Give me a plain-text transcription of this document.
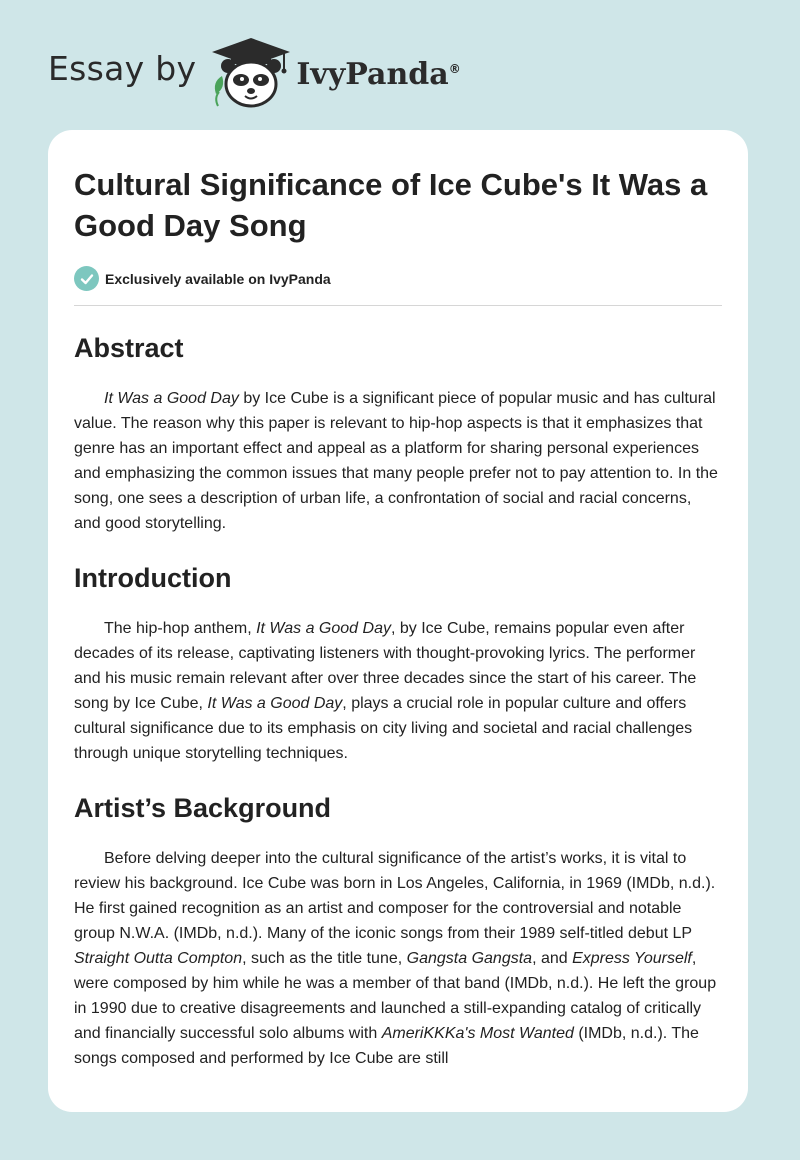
Essay by	IvyPanda®
Cultural Significance of Ice Cube's It Was a Good Day Song
Exclusively available on IvyPanda
Abstract

It Was a Good Day by Ice Cube is a significant piece of popular music and has cultural value. The reason why this paper is relevant to hip-hop aspects is that it emphasizes that genre has an important effect and appeal as a platform for sharing personal experiences and emphasizing the common issues that many people prefer not to pay attention to. In the song, one sees a description of urban life, a confrontation of social and racial concerns, and good storytelling.

Introduction

The hip-hop anthem, It Was a Good Day, by Ice Cube, remains popular even after decades of its release, captivating listeners with thought-provoking lyrics. The performer and his music remain relevant after over three decades since the start of his career. The song by Ice Cube, It Was a Good Day, plays a crucial role in popular culture and offers cultural significance due to its emphasis on city living and societal and racial challenges through unique storytelling techniques.

Artist’s Background

Before delving deeper into the cultural significance of the artist’s works, it is vital to review his background. Ice Cube was born in Los Angeles, California, in 1969 (IMDb, n.d.). He first gained recognition as an artist and composer for the controversial and notable group N.W.A. (IMDb, n.d.). Many of the iconic songs from their 1989 self-titled debut LP Straight Outta Compton, such as the title tune, Gangsta Gangsta, and Express Yourself, were composed by him while he was a member of that band (IMDb, n.d.). He left the group in 1990 due to creative disagreements and launched a still-expanding catalog of critically and financially successful solo albums with AmeriKKKa's Most Wanted (IMDb, n.d.). The songs composed and performed by Ice Cube are still
